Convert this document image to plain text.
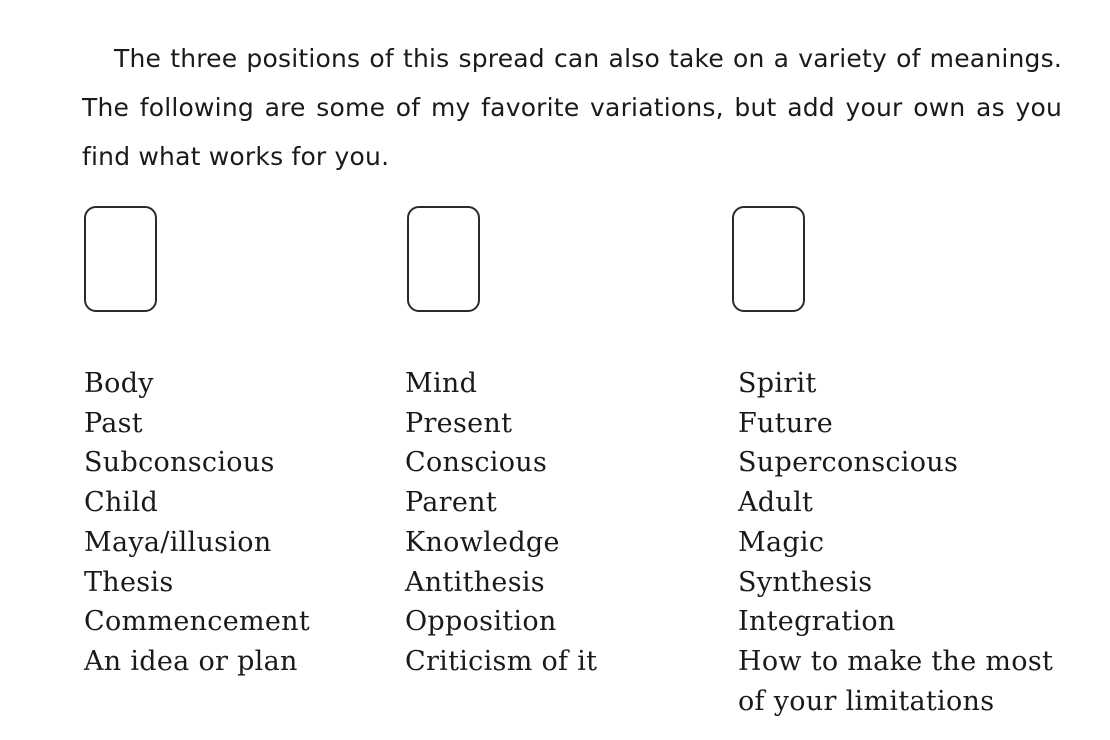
The three positions of this spread can also take on a variety of meanings. The following are some of my favorite variations, but add your own as you find what works for you.

Body
Past
Subconscious
Child
Maya/illusion
Thesis
Commencement
An idea or plan
Mind
Present
Conscious
Parent
Knowledge
Antithesis
Opposition
Criticism of it
Spirit
Future
Superconscious
Adult
Magic
Synthesis
Integration
How to make the most of your limitations
